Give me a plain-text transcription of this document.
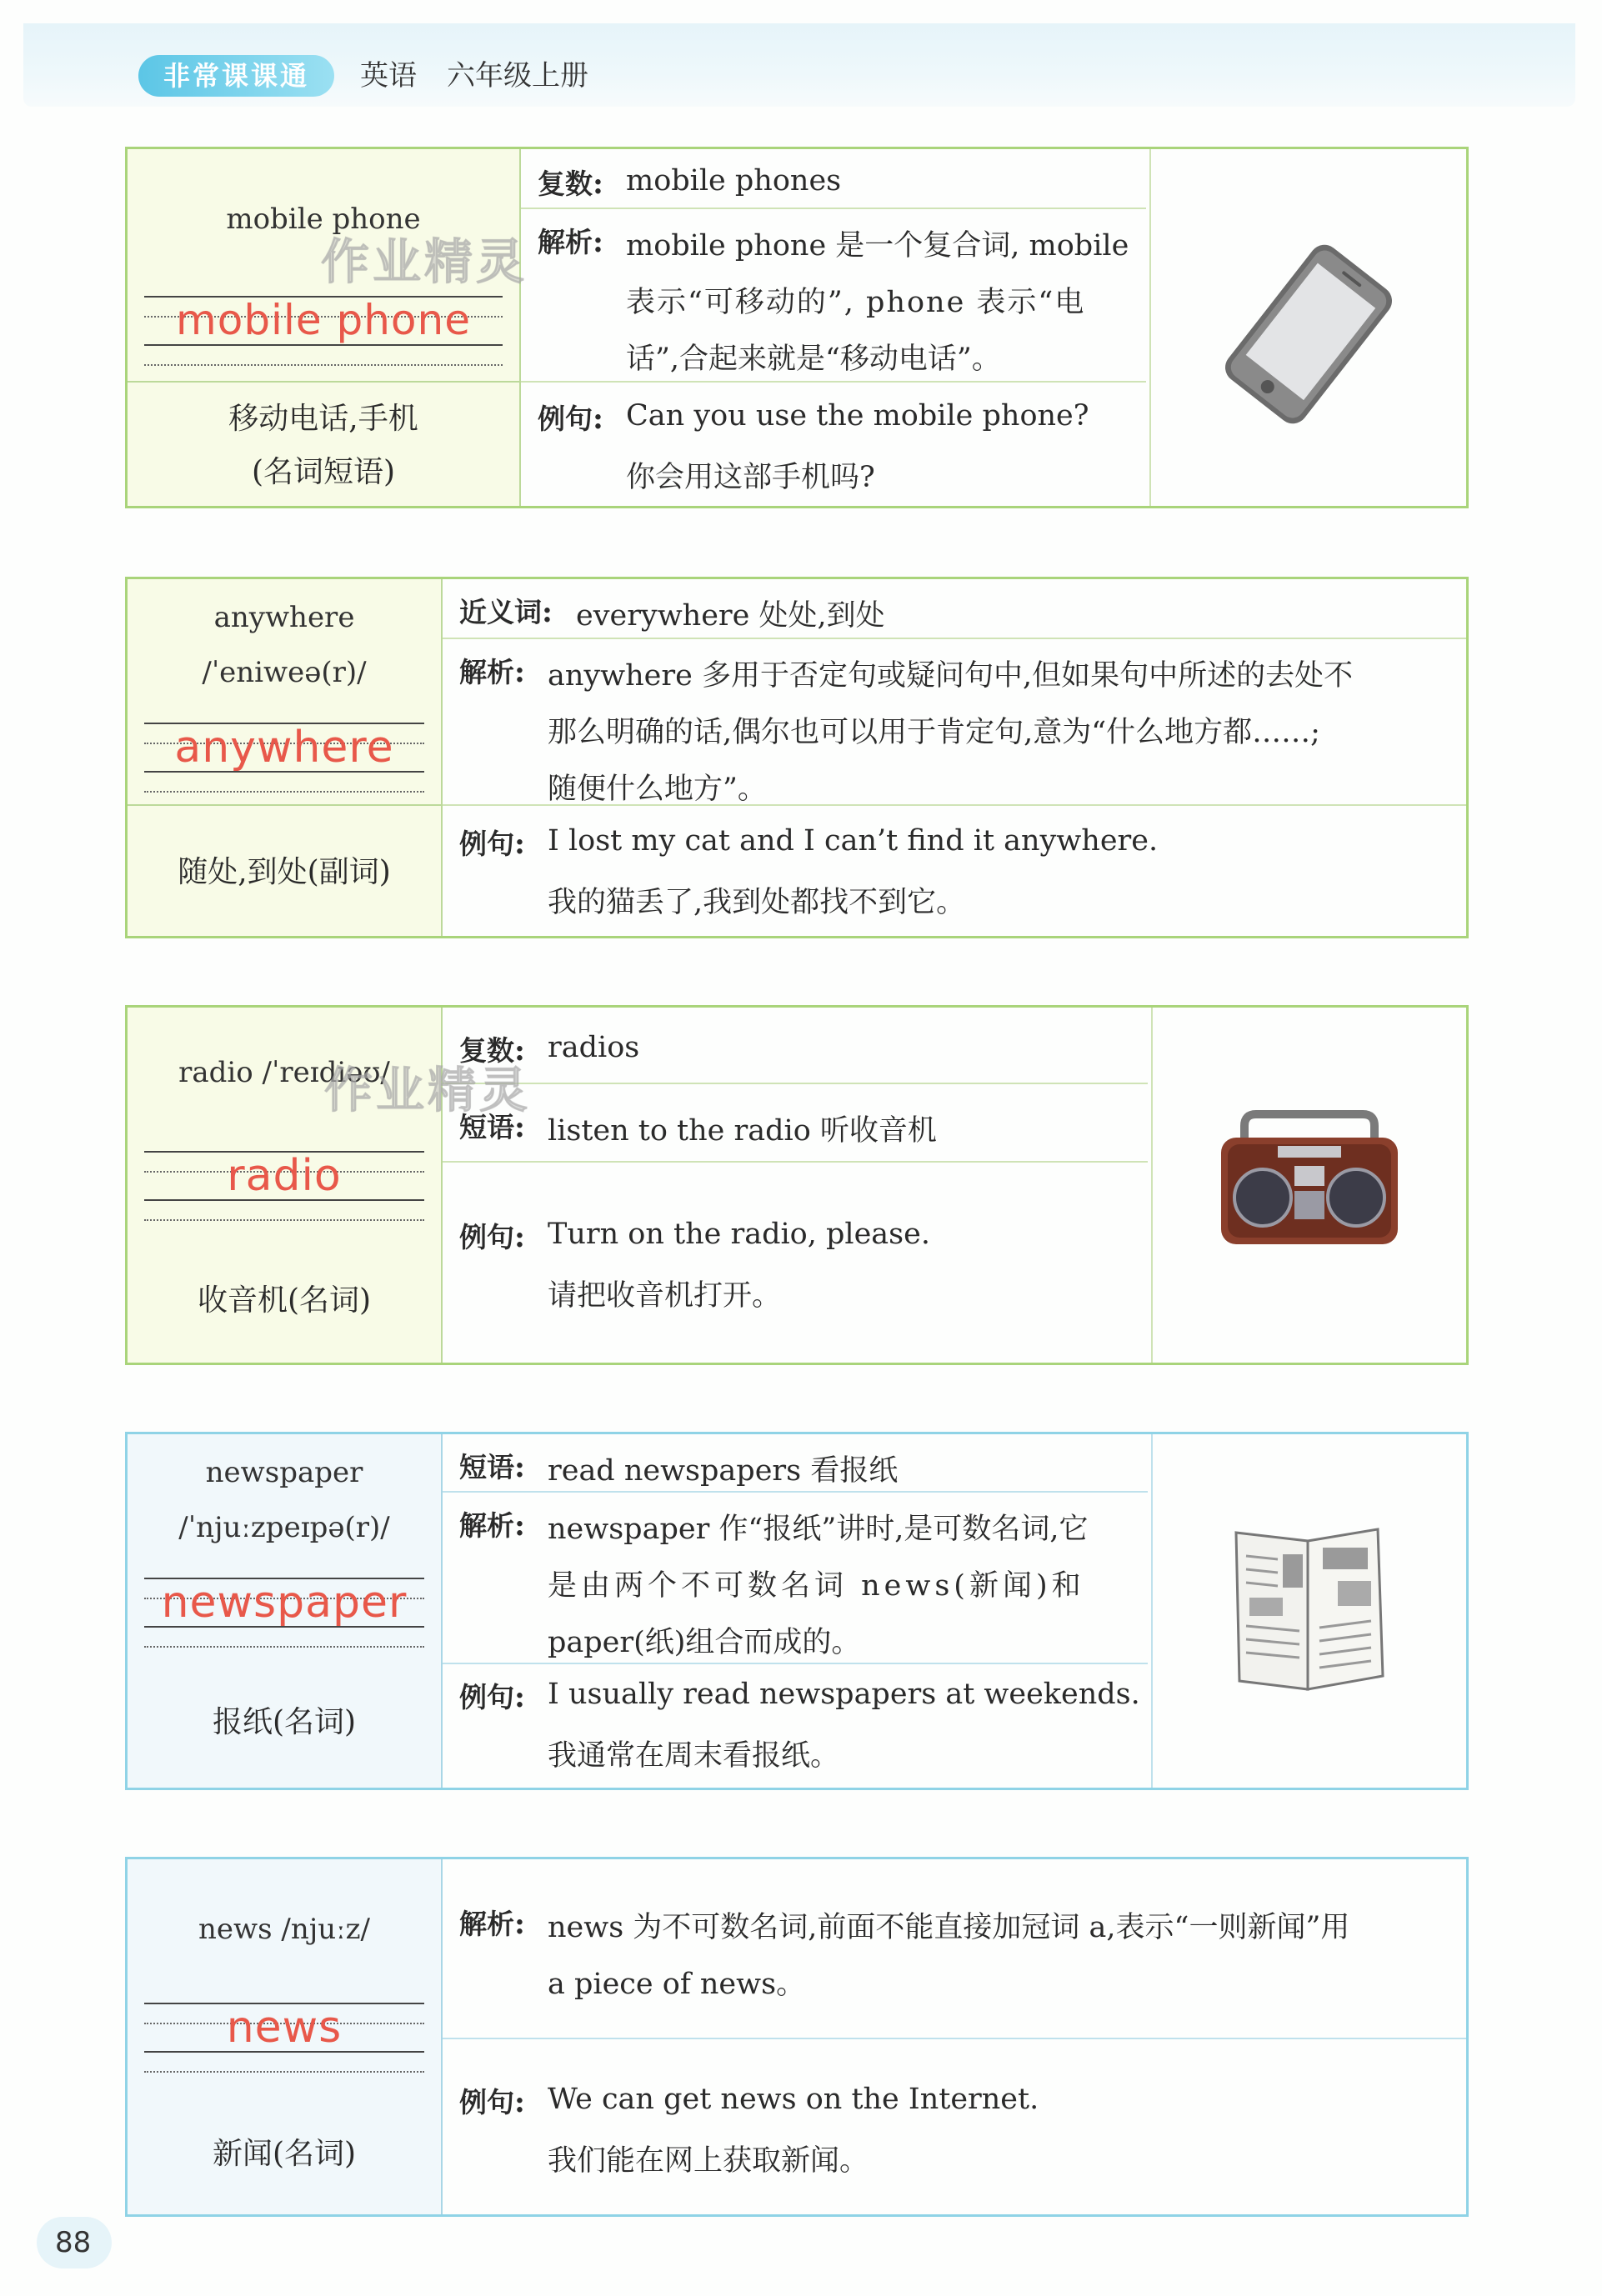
非常课课通	英语 六年级上册
mobile phone
mobile phone
移动电话,手机
(名词短语)
复数: mobile phones
解析: mobile phone 是一个复合词, mobile
表示“可移动的”, phone 表示“电
话”,合起来就是“移动电话”。
例句: Can you use the mobile phone?
你会用这部手机吗?
作业精灵
anywhere
/ˈeniweə(r)/
anywhere
随处,到处(副词)
近义词: everywhere 处处,到处
解析: anywhere 多用于否定句或疑问句中,但如果句中所述的去处不
那么明确的话,偶尔也可以用于肯定句,意为“什么地方都……;
随便什么地方”。
例句: I lost my cat and I can’t find it anywhere.
我的猫丢了,我到处都找不到它。
radio /ˈreɪdiəʊ/
radio
收音机(名词)
复数: radios
短语: listen to the radio 听收音机
例句: Turn on the radio, please.
请把收音机打开。
作业精灵
newspaper
/ˈnjuːzpeɪpə(r)/
newspaper
报纸(名词)
短语: read newspapers 看报纸
解析: newspaper 作“报纸”讲时,是可数名词,它
是由两个不可数名词 news(新闻)和
paper(纸)组合而成的。
例句: I usually read newspapers at weekends.
我通常在周末看报纸。
news /njuːz/
news
新闻(名词)
解析: news 为不可数名词,前面不能直接加冠词 a,表示“一则新闻”用
a piece of news。
例句: We can get news on the Internet.
我们能在网上获取新闻。
88
